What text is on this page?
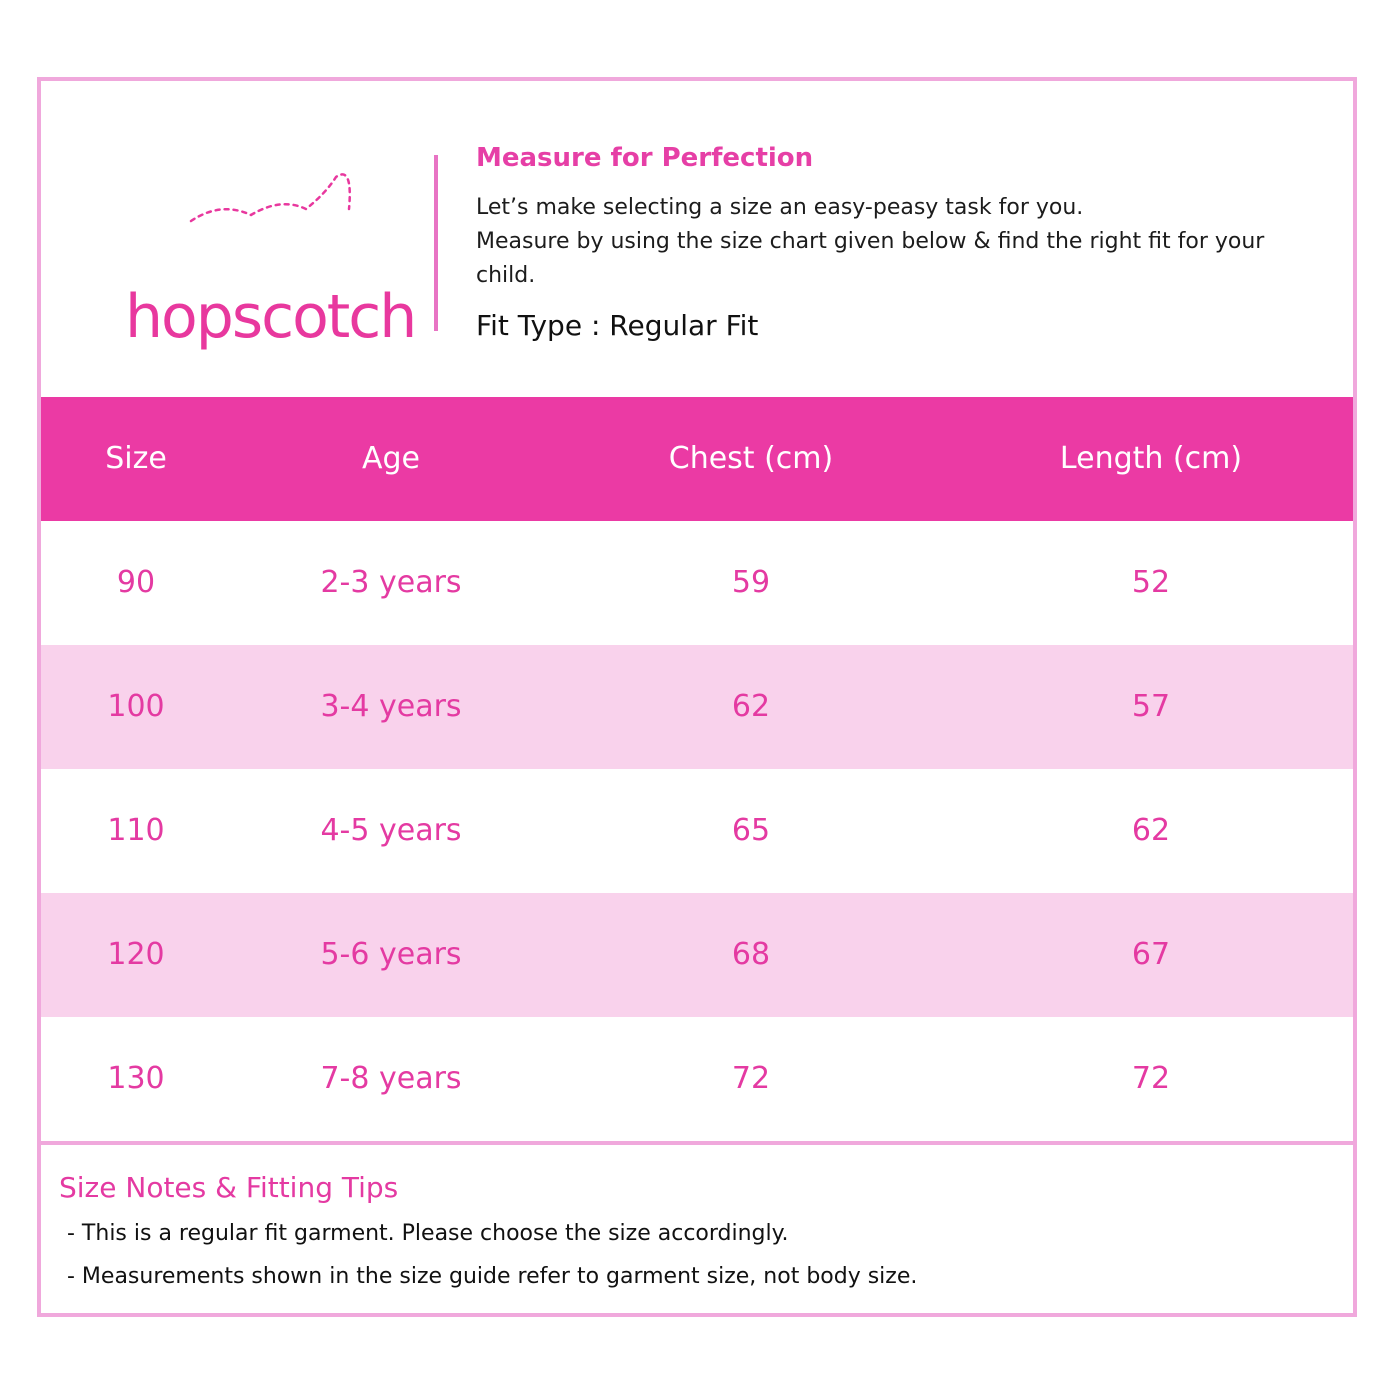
hopscotch
Measure for Perfection
Let’s make selecting a size an easy-peasy task for you.
Measure by using the size chart given below & find the right fit for your child.
Fit Type : Regular Fit
Size	Age	Chest (cm)	Length (cm)
90	2-3 years	59	52
100	3-4 years	62	57
110	4-5 years	65	62
120	5-6 years	68	67
130	7-8 years	72	72
Size Notes & Fitting Tips
- This is a regular fit garment. Please choose the size accordingly.
- Measurements shown in the size guide refer to garment size, not body size.
